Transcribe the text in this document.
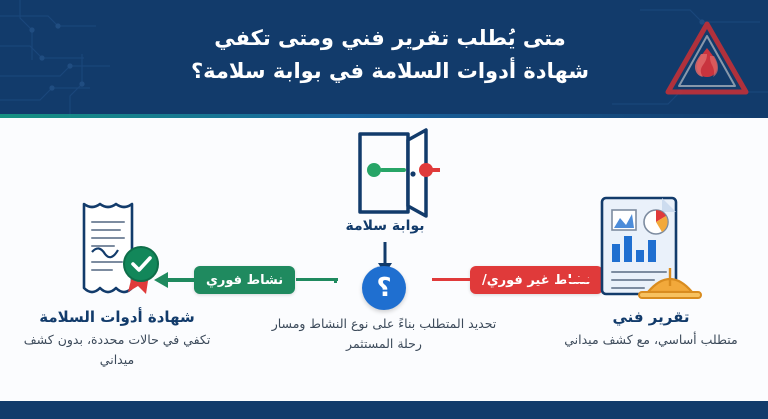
متى يُطلب تقرير فني ومتى تكفي
شهادة أدوات السلامة في بوابة سلامة؟
بوابة سلامة
؟
تحديد المتطلب بناءً على نوع النشاط ومسار رحلة المستثمر
نشاط فوري	نشاط غير فوري/
شهادة أدوات السلامة
تكفي في حالات محددة، بدون كشف ميداني
تقرير فني
متطلب أساسي، مع كشف ميداني
